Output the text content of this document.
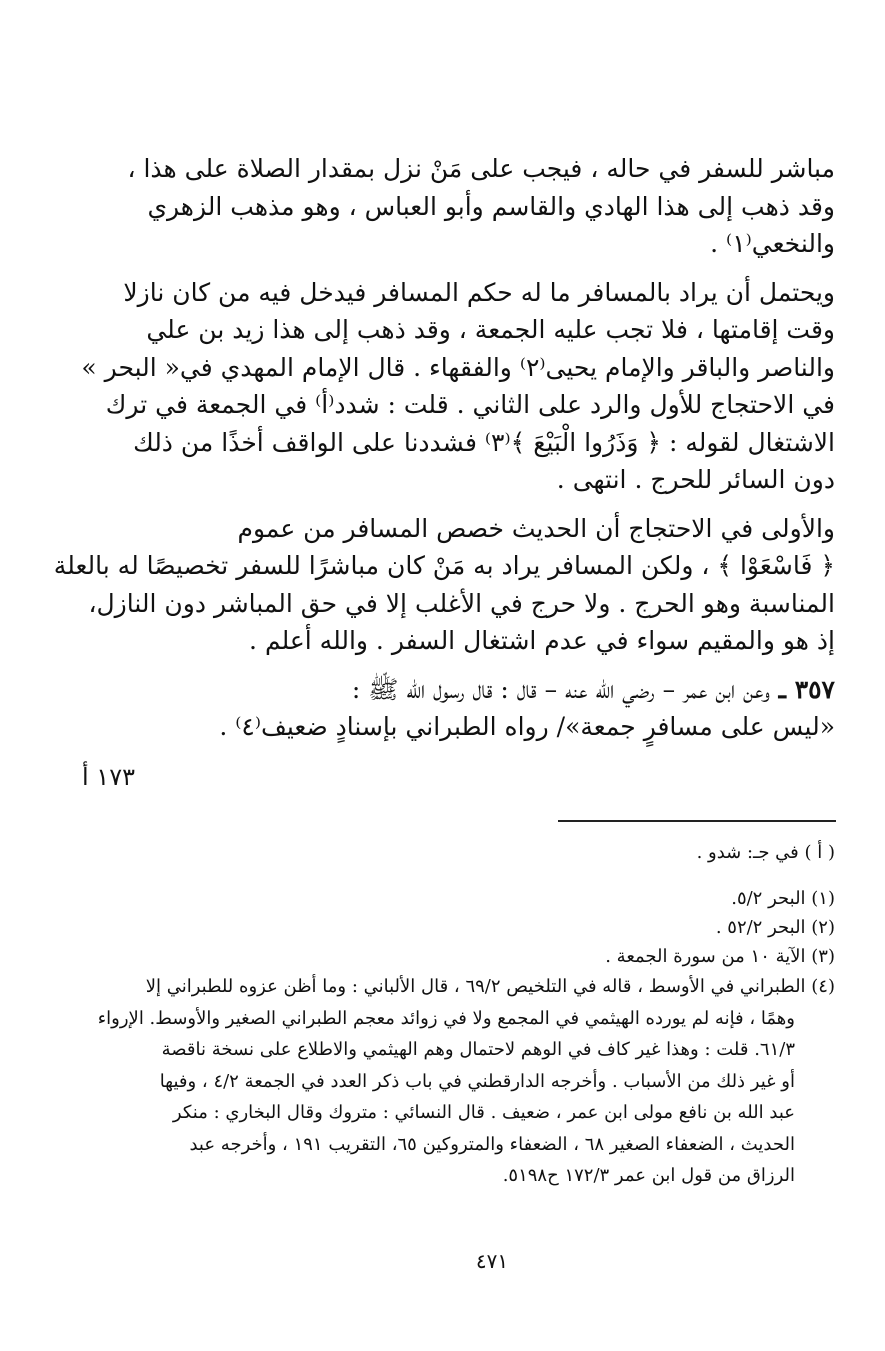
مباشر للسفر في حاله ، فيجب على مَنْ نزل بمقدار الصلاة على هذا ،
وقد ذهب إلى هذا الهادي والقاسم وأبو العباس ، وهو مذهب الزهري
والنخعي⁽١⁾ .
ويحتمل أن يراد بالمسافر ما له حكم المسافر فيدخل فيه من كان نازلا
وقت إقامتها ، فلا تجب عليه الجمعة ، وقد ذهب إلى هذا زيد بن علي
والناصر والباقر والإمام يحيى⁽٢⁾ والفقهاء . قال الإمام المهدي في« البحر »
في الاحتجاج للأول والرد على الثاني . قلت : شدد⁽أ⁾ في الجمعة في ترك
الاشتغال لقوله : ﴿ وَذَرُوا الْبَيْعَ ﴾⁽٣⁾ فشددنا على الواقف أخذًا من ذلك
دون السائر للحرج . انتهى .
والأولى في الاحتجاج أن الحديث خصص المسافر من عموم
﴿ فَاسْعَوْا ﴾ ، ولكن المسافر يراد به مَنْ كان مباشرًا للسفر تخصيصًا له بالعلة
المناسبة وهو الحرج . ولا حرج في الأغلب إلا في حق المباشر دون النازل،
إذ هو والمقيم سواء في عدم اشتغال السفر . والله أعلم .
٣٥٧ ـ وعن ابن عمر – رضي الله عنه – قال : قال رسول الله ﷺ :
«ليس على مسافرٍ جمعة»/ رواه الطبراني بإسنادٍ ضعيف⁽٤⁾ .
١٧٣ أ
( أ ) في جـ: شدو .
(١) البحر ٥/٢.
(٢) البحر ٥٢/٢ .
(٣) الآية ١٠ من سورة الجمعة .
(٤) الطبراني في الأوسط ، قاله في التلخيص ٦٩/٢ ، قال الألباني : وما أظن عزوه للطبراني إلا
وهمًا ، فإنه لم يورده الهيثمي في المجمع ولا في زوائد معجم الطبراني الصغير والأوسط. الإرواء
٦١/٣. قلت : وهذا غير كاف في الوهم لاحتمال وهم الهيثمي والاطلاع على نسخة ناقصة
أو غير ذلك من الأسباب . وأخرجه الدارقطني في باب ذكر العدد في الجمعة ٤/٢ ، وفيها
عبد الله بن نافع مولى ابن عمر ، ضعيف . قال النسائي : متروك وقال البخاري : منكر
الحديث ، الضعفاء الصغير ٦٨ ، الضعفاء والمتروكين ٦٥، التقريب ١٩١ ، وأخرجه عبد
الرزاق من قول ابن عمر ١٧٢/٣ ح٥١٩٨.
٤٧١
